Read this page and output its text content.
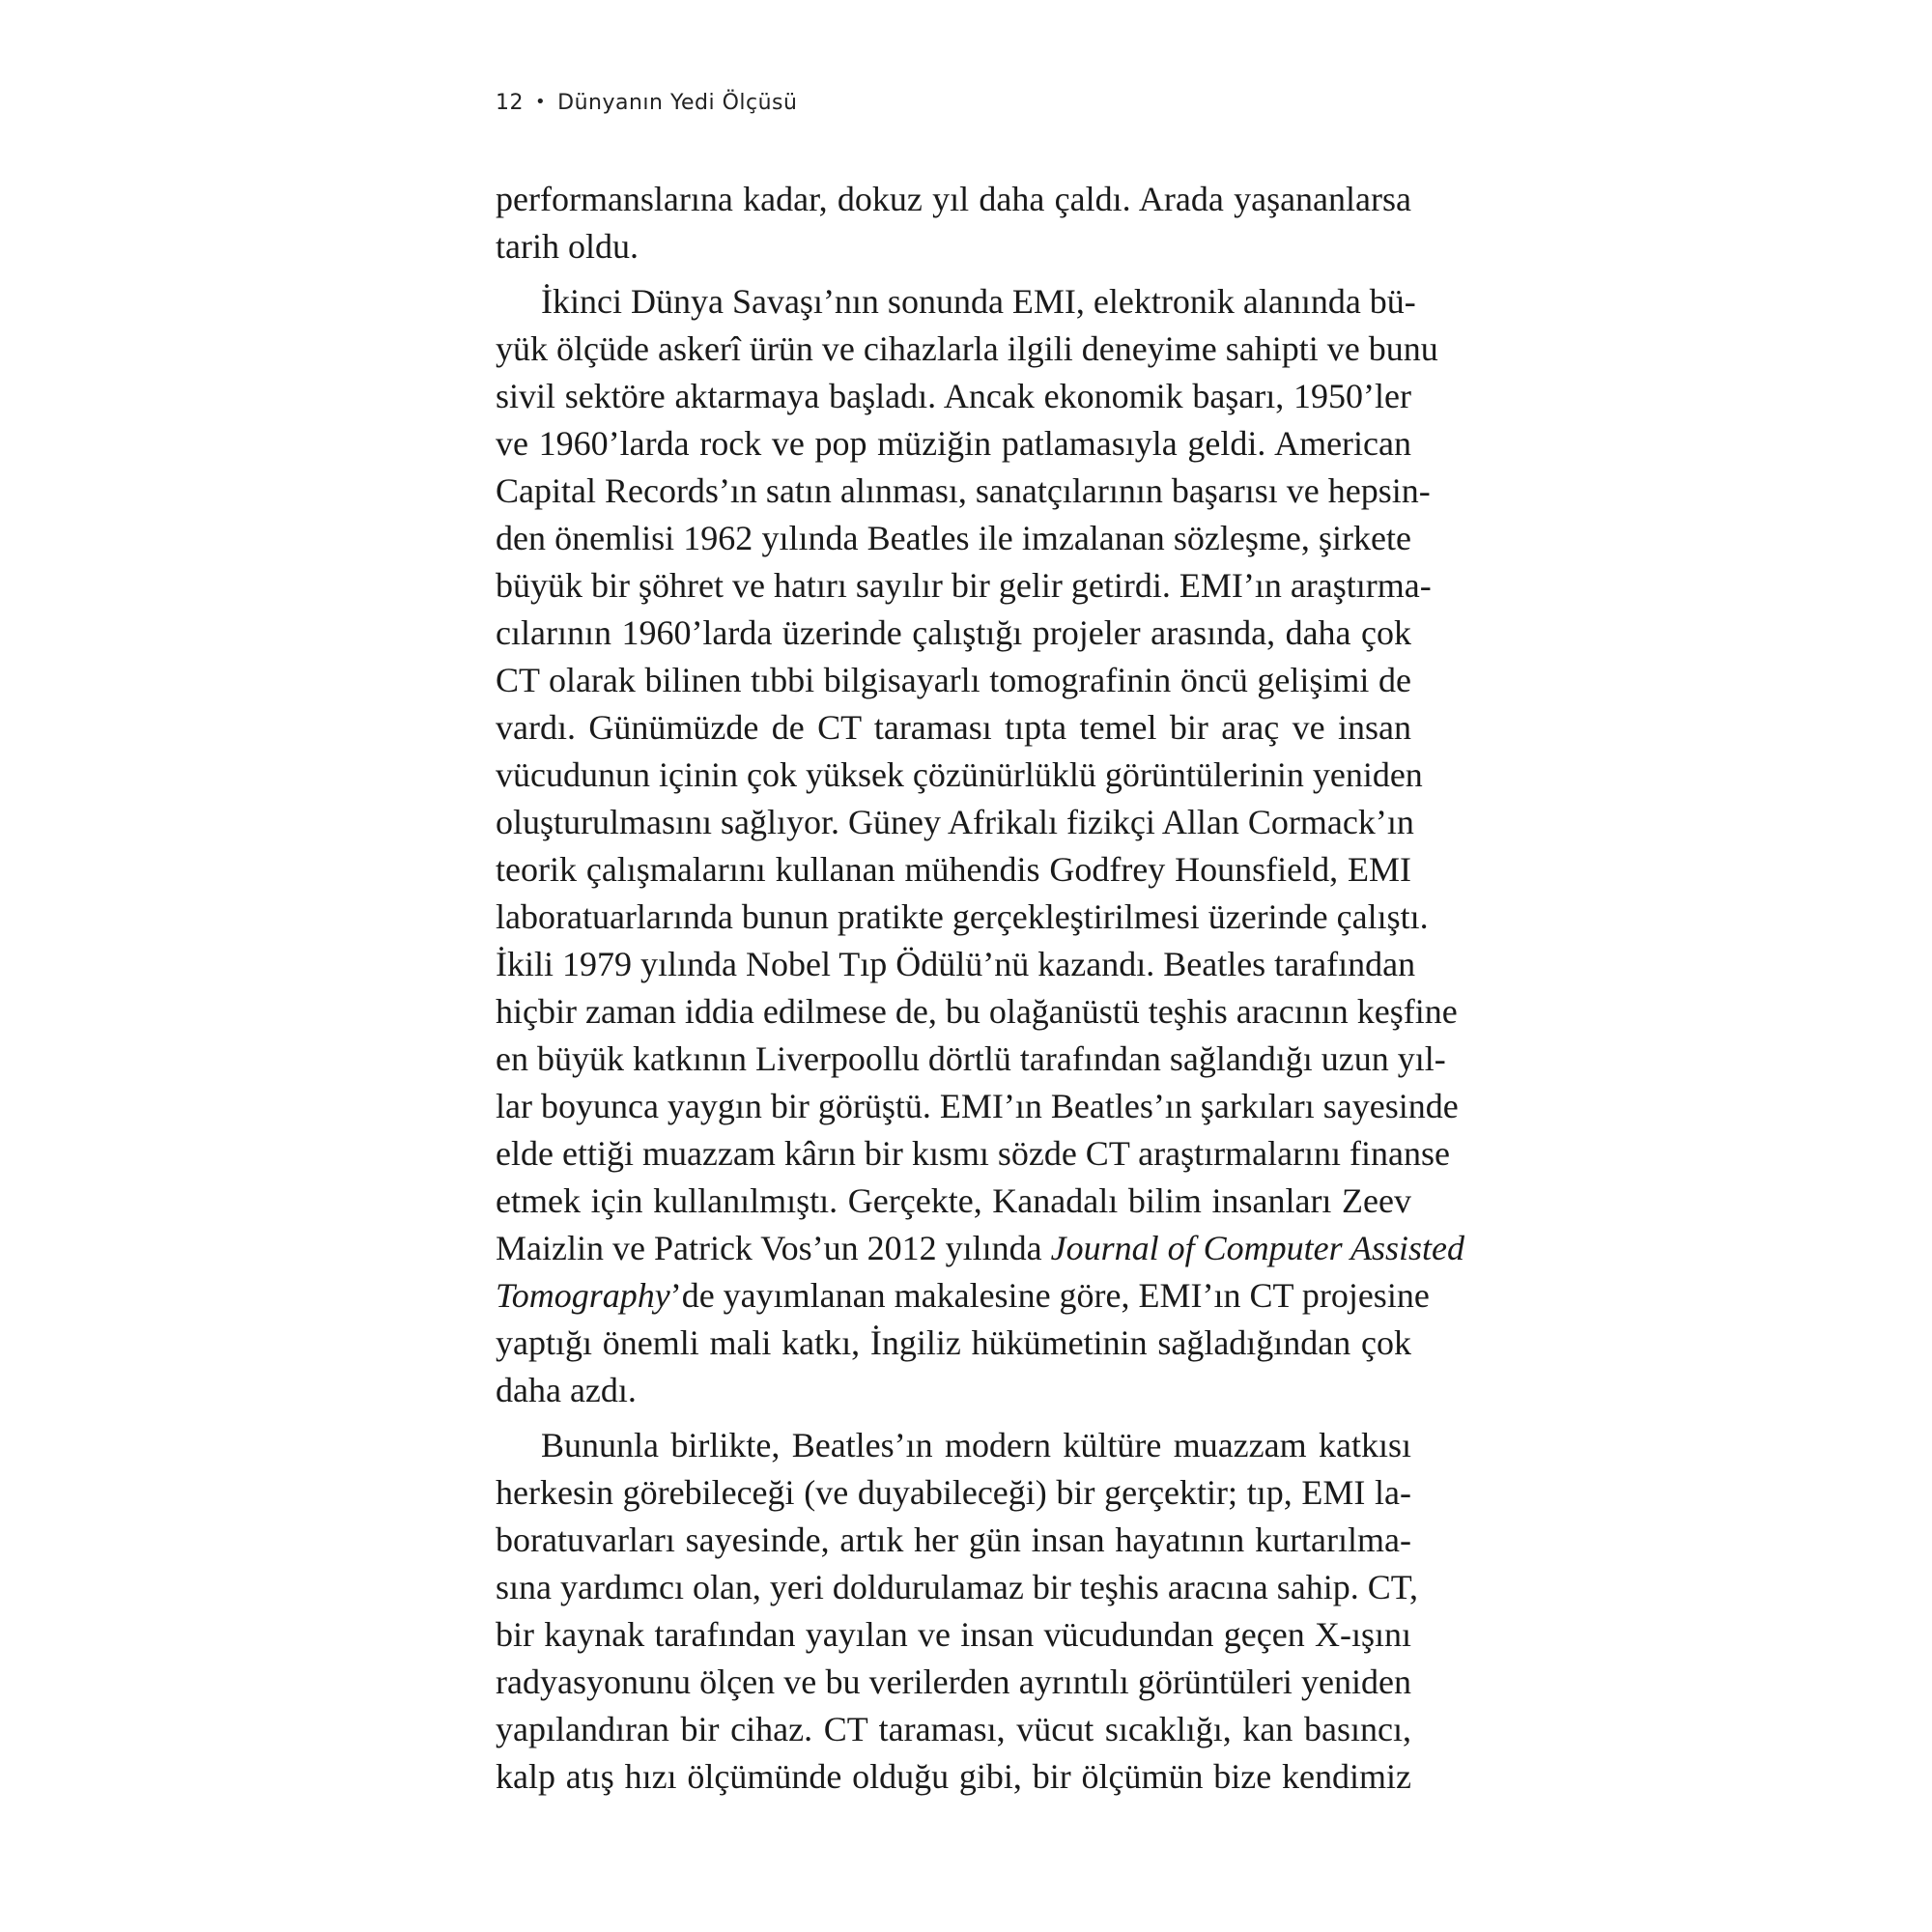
12 • Dünyanın Yedi Ölçüsü
performanslarına kadar, dokuz yıl daha çaldı. Arada yaşananlarsa
tarih oldu.
İkinci Dünya Savaşı’nın sonunda EMI, elektronik alanında bü-
yük ölçüde askerî ürün ve cihazlarla ilgili deneyime sahipti ve bunu
sivil sektöre aktarmaya başladı. Ancak ekonomik başarı, 1950’ler
ve 1960’larda rock ve pop müziğin patlamasıyla geldi. American
Capital Records’ın satın alınması, sanatçılarının başarısı ve hepsin-
den önemlisi 1962 yılında Beatles ile imzalanan sözleşme, şirkete
büyük bir şöhret ve hatırı sayılır bir gelir getirdi. EMI’ın araştırma-
cılarının 1960’larda üzerinde çalıştığı projeler arasında, daha çok
CT olarak bilinen tıbbi bilgisayarlı tomografinin öncü gelişimi de
vardı. Günümüzde de CT taraması tıpta temel bir araç ve insan
vücudunun içinin çok yüksek çözünürlüklü görüntülerinin yeniden
oluşturulmasını sağlıyor. Güney Afrikalı fizikçi Allan Cormack’ın
teorik çalışmalarını kullanan mühendis Godfrey Hounsfield, EMI
laboratuarlarında bunun pratikte gerçekleştirilmesi üzerinde çalıştı.
İkili 1979 yılında Nobel Tıp Ödülü’nü kazandı. Beatles tarafından
hiçbir zaman iddia edilmese de, bu olağanüstü teşhis aracının keşfine
en büyük katkının Liverpoollu dörtlü tarafından sağlandığı uzun yıl-
lar boyunca yaygın bir görüştü. EMI’ın Beatles’ın şarkıları sayesinde
elde ettiği muazzam kârın bir kısmı sözde CT araştırmalarını finanse
etmek için kullanılmıştı. Gerçekte, Kanadalı bilim insanları Zeev
Maizlin ve Patrick Vos’un 2012 yılında Journal of Computer Assisted
Tomography’de yayımlanan makalesine göre, EMI’ın CT projesine
yaptığı önemli mali katkı, İngiliz hükümetinin sağladığından çok
daha azdı.
Bununla birlikte, Beatles’ın modern kültüre muazzam katkısı
herkesin görebileceği (ve duyabileceği) bir gerçektir; tıp, EMI la-
boratuvarları sayesinde, artık her gün insan hayatının kurtarılma-
sına yardımcı olan, yeri doldurulamaz bir teşhis aracına sahip. CT,
bir kaynak tarafından yayılan ve insan vücudundan geçen X-ışını
radyasyonunu ölçen ve bu verilerden ayrıntılı görüntüleri yeniden
yapılandıran bir cihaz. CT taraması, vücut sıcaklığı, kan basıncı,
kalp atış hızı ölçümünde olduğu gibi, bir ölçümün bize kendimiz
